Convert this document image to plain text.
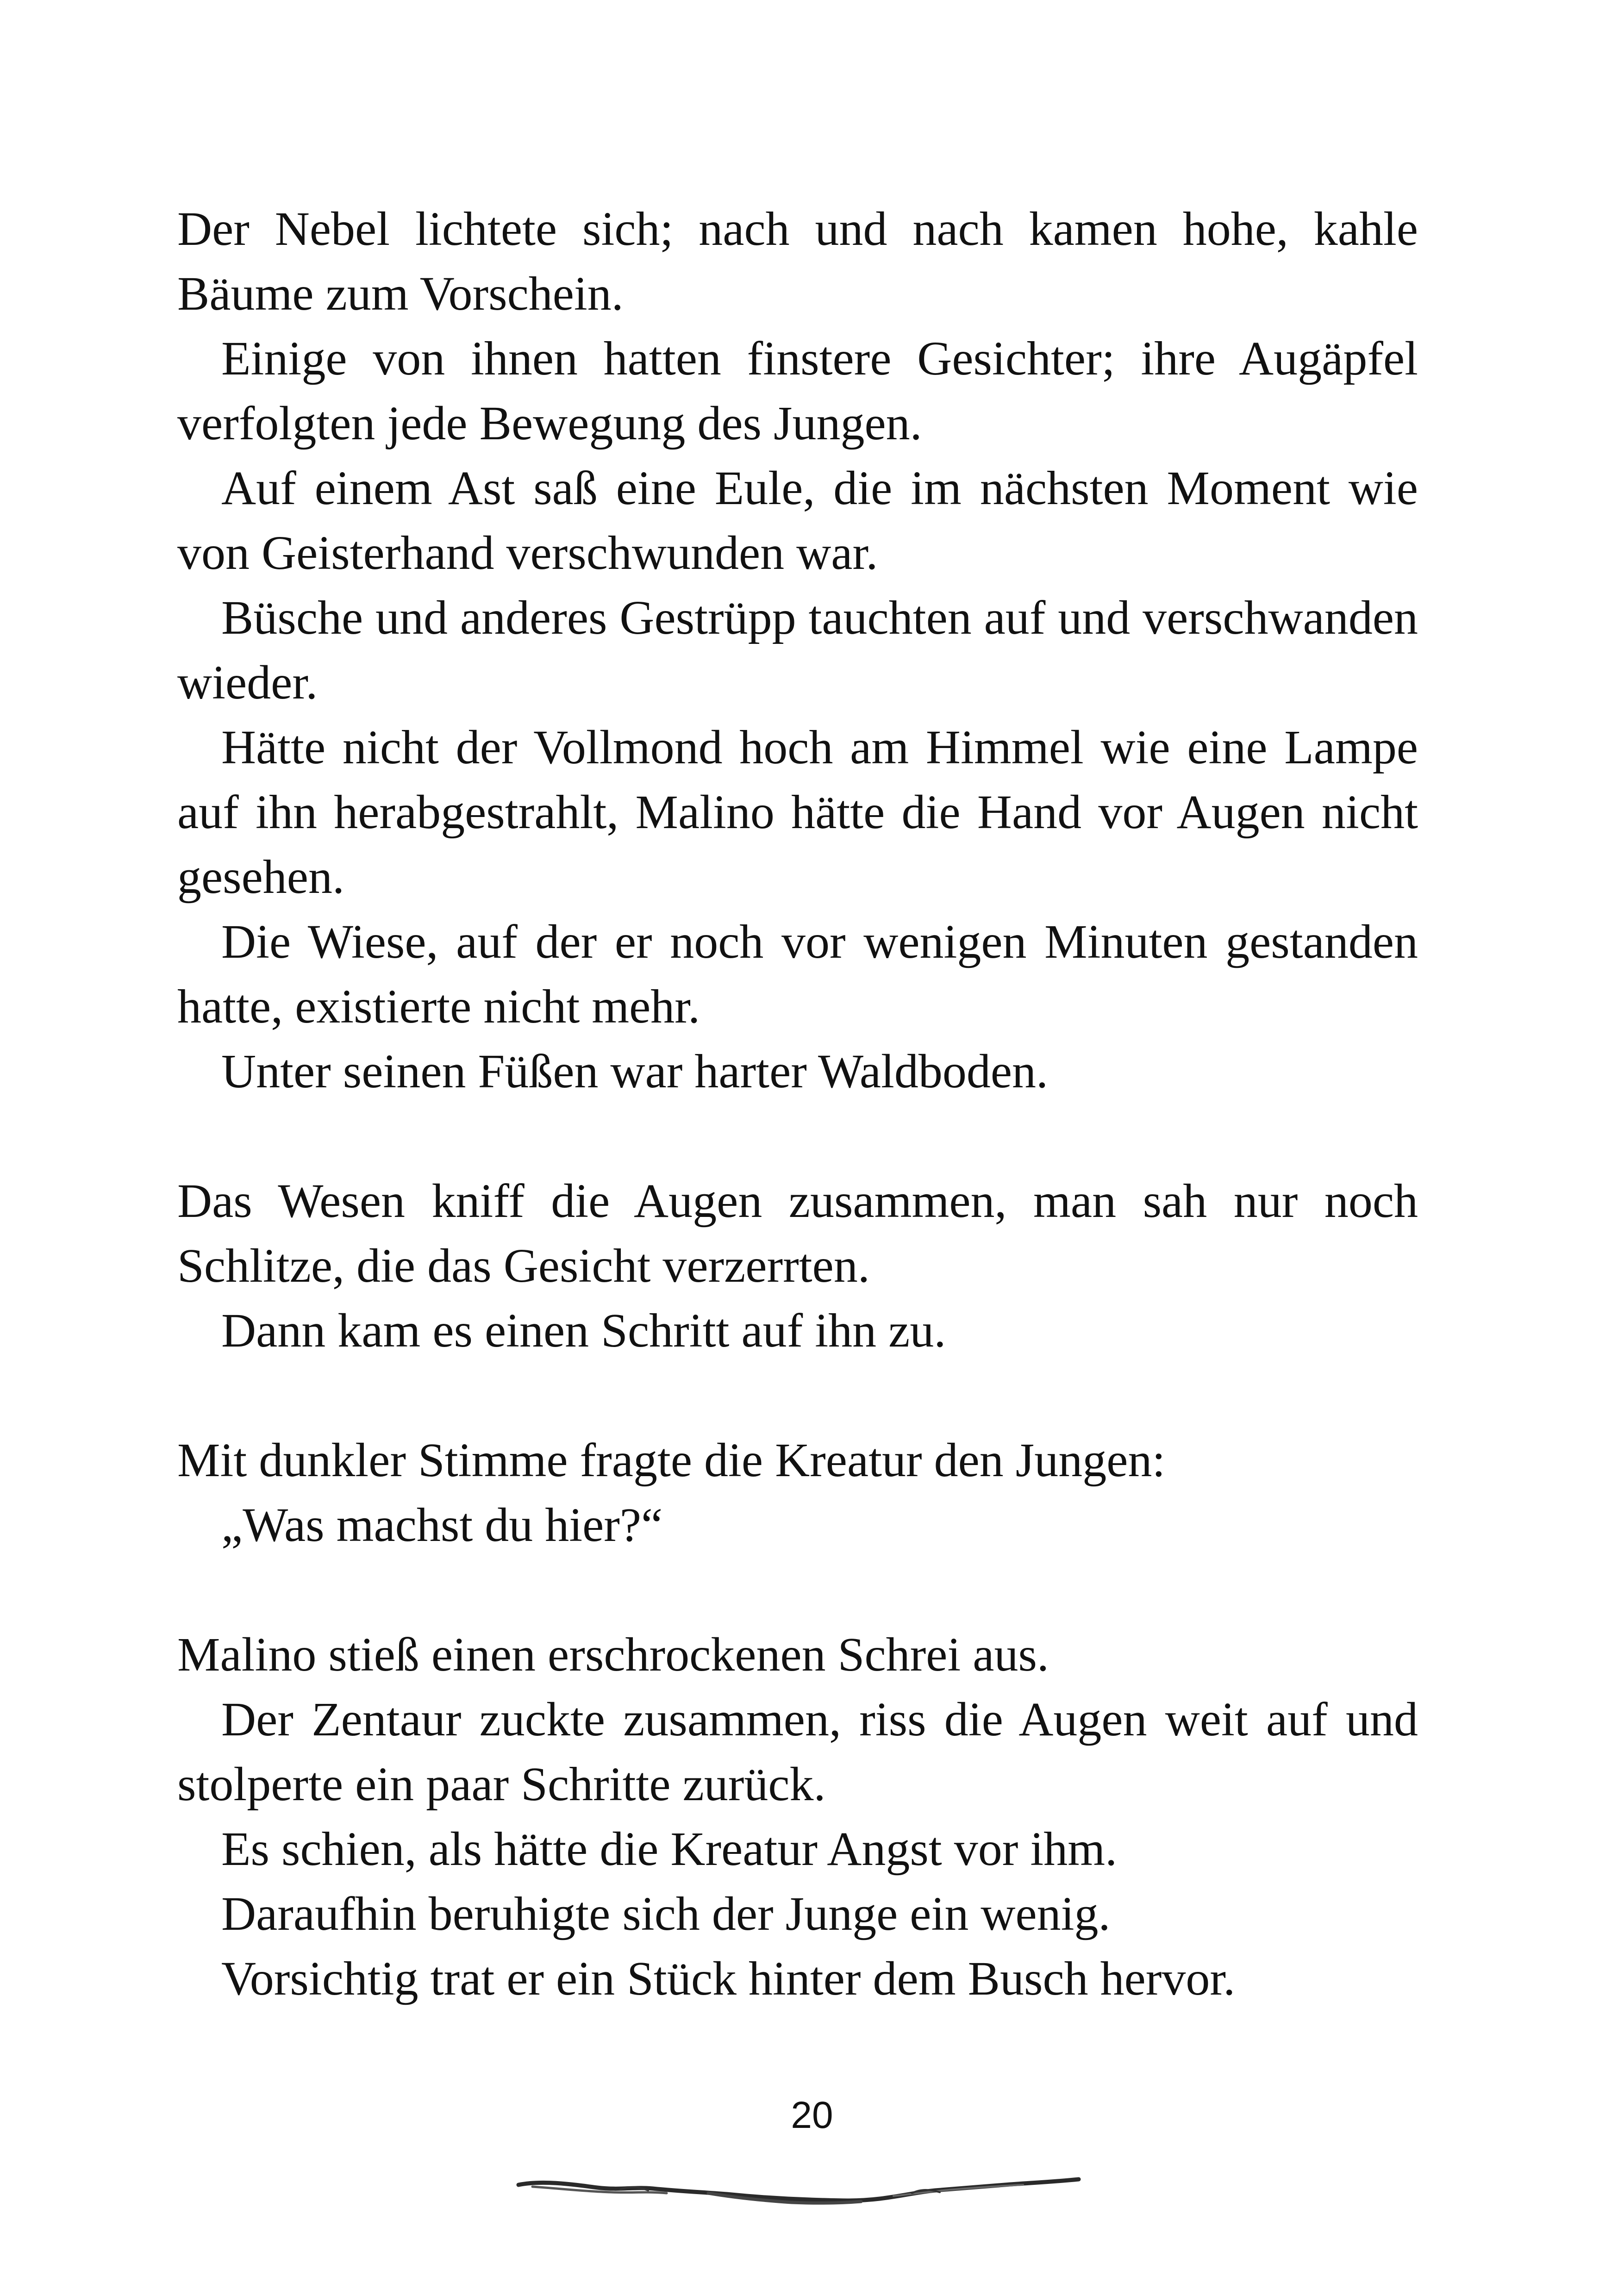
Der Nebel lichtete sich; nach und nach kamen hohe, kahle Bäume zum Vorschein.

Einige von ihnen hatten finstere Gesichter; ihre Augäpfel verfolgten jede Bewegung des Jungen.

Auf einem Ast saß eine Eule, die im nächsten Moment wie von Geisterhand verschwunden war.

Büsche und anderes Gestrüpp tauchten auf und verschwanden wieder.

Hätte nicht der Vollmond hoch am Himmel wie eine Lampe auf ihn herabgestrahlt, Malino hätte die Hand vor Augen nicht gesehen.

Die Wiese, auf der er noch vor wenigen Minuten gestanden hatte, existierte nicht mehr.

Unter seinen Füßen war harter Waldboden.

Das Wesen kniff die Augen zusammen, man sah nur noch Schlitze, die das Gesicht verzerrten.

Dann kam es einen Schritt auf ihn zu.

Mit dunkler Stimme fragte die Kreatur den Jungen:

„Was machst du hier?“

Malino stieß einen erschrockenen Schrei aus.

Der Zentaur zuckte zusammen, riss die Augen weit auf und stolperte ein paar Schritte zurück.

Es schien, als hätte die Kreatur Angst vor ihm.

Daraufhin beruhigte sich der Junge ein wenig.

Vorsichtig trat er ein Stück hinter dem Busch hervor.

20
